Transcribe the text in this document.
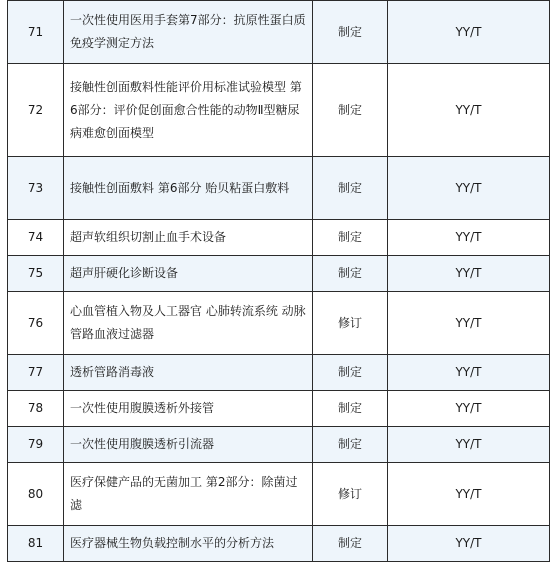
71	一次性使用医用手套第7部分：抗原性蛋白质免疫学测定方法	制定	YY/T
72	接触性创面敷料性能评价用标准试验模型 第6部分：评价促创面愈合性能的动物Ⅱ型糖尿病难愈创面模型	制定	YY/T
73	接触性创面敷料 第6部分 贻贝粘蛋白敷料	制定	YY/T
74	超声软组织切割止血手术设备	制定	YY/T
75	超声肝硬化诊断设备	制定	YY/T
76	心血管植入物及人工器官 心肺转流系统 动脉管路血液过滤器	修订	YY/T
77	透析管路消毒液	制定	YY/T
78	一次性使用腹膜透析外接管	制定	YY/T
79	一次性使用腹膜透析引流器	制定	YY/T
80	医疗保健产品的无菌加工 第2部分：除菌过滤	修订	YY/T
81	医疗器械生物负载控制水平的分析方法	制定	YY/T
